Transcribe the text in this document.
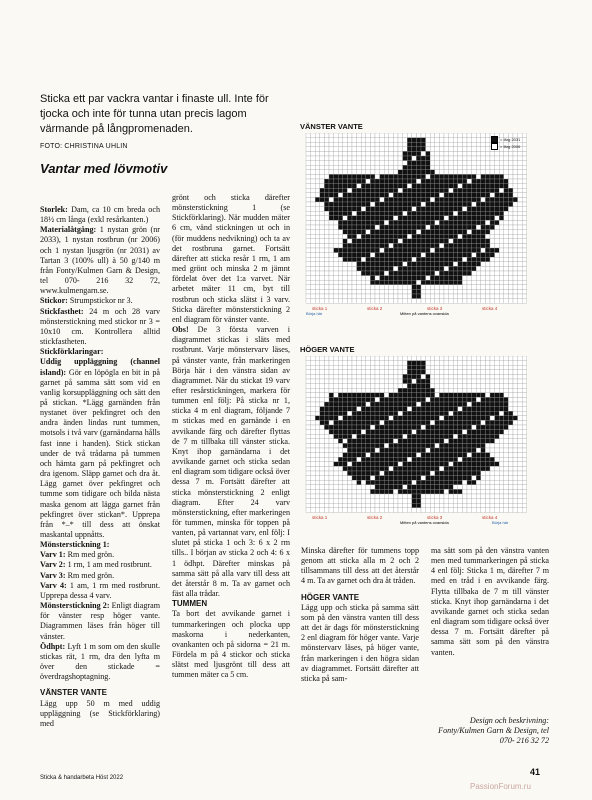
Sticka ett par vackra vantar i finaste ull. Inte för tjocka och inte för tunna utan precis lagom värmande på långpromenaden.
FOTO: CHRISTINA UHLIN
Vantar med lövmotiv

Storlek: Dam, ca 10 cm breda och 18½ cm långa (exkl resårkanten.)

Materialåtgång: 1 nystan grön (nr 2033), 1 nystan rostbrun (nr 2006) och 1 nystan ljusgrön (nr 2031) av Tartan 3 (100% ull) à 50 g/140 m från Fonty/Kulmen Garn & Design, tel 070- 216 32 72, www.kulmengarn.se.

Stickor: Strumpstickor nr 3.

Stickfasthet: 24 m och 28 varv mönsterstickning med stickor nr 3 = 10x10 cm. Kontrollera alltid stickfastheten.

Stickförklaringar:

Uddig uppläggning (channel island): Gör en löpögla en bit in på garnet på samma sätt som vid en vanlig korsuppläggning och sätt den på stickan. *Lägg garnänden från nystanet över pekfingret och den andra änden lindas runt tummen, motsols i två varv (garnändarna hålls fast inne i handen). Stick stickan under de två trådarna på tummen och hämta garn på pekfingret och dra igenom. Släpp garnet och dra åt. Lägg garnet över pekfingret och tumme som tidigare och bilda nästa maska genom att lägga garnet från pekfingret över stickan*. Upprepa från *–* till dess att önskat maskantal uppnåtts.

Mönsterstickning 1:

Varv 1: Rm med grön.

Varv 2: 1 rm, 1 am med rostbrunt.

Varv 3: Rm med grön.

Varv 4: 1 am, 1 rm med rostbrunt. Upprepa dessa 4 varv.

Mönsterstickning 2: Enligt diagram för vänster resp höger vante. Diagrammen läses från höger till vänster.

Ödhpt: Lyft 1 m som om den skulle stickas rät, 1 rm, dra den lyfta m över den stickade = överdragshoptagning.

VÄNSTER VANTE

Lägg upp 50 m med uddig uppläggning (se Stickförklaring) med

grönt och sticka därefter mönsterstickning 1 (se Stickförklaring). När mudden mäter 6 cm, vänd stickningen ut och in (för muddens nedvikning) och ta av det rostbruna garnet. Fortsätt därefter att sticka resår 1 rm, 1 am med grönt och minska 2 m jämnt fördelat över det 1:a varvet. När arbetet mäter 11 cm, byt till rostbrun och sticka slätst i 3 varv. Sticka därefter mönsterstickning 2 enl diagram för vänster vante.

Obs! De 3 första varven i diagrammet stickas i släts med rostbrunt. Varje mönstervarv läses, på vänster vante, från markeringen Börja här i den vänstra sidan av diagrammet. När du stickat 19 varv efter resårstickningen, markera för tummen enl följ: På sticka nr 1, sticka 4 m enl diagram, följande 7 m stickas med en garnände i en avvikande färg och därefter flyttas de 7 m tillbaka till vänster sticka. Knyt ihop garnändarna i det avvikande garnet och sticka sedan enl diagram som tidigare också över dessa 7 m. Fortsätt därefter att sticka mönsterstickning 2 enligt diagram. Efter 24 varv mönsterstickning, efter markeringen för tummen, minska för toppen på vanten, på vartannat varv, enl följ: I slutet på sticka 1 och 3: 6 x 2 rm tills.. I början av sticka 2 och 4: 6 x 1 ödhpt. Därefter minskas på samma sätt på alla varv till dess att det återstår 8 m. Ta av garnet och fäst alla trådar.

TUMMEN

Ta bort det avvikande garnet i tummarkeringen och plocka upp maskorna i nederkanten, ovankanten och på sidorna = 21 m. Fördela m på 4 stickor och sticka slätst med ljusgrönt till dess att tummen mäter ca 5 cm.

Minska därefter för tummens topp genom att sticka alla m 2 och 2 tillsammans till dess att det återstår 4 m. Ta av garnet och dra åt tråden.

HÖGER VANTE

Lägg upp och sticka på samma sätt som på den vänstra vanten till dess att det är dags för mönsterstickning 2 enl diagram för höger vante. Varje mönstervarv läses, på höger vante, från markeringen i den högra sidan av diagrammet. Fortsätt därefter att sticka på sam-

ma sätt som på den vänstra vanten men med tummarkeringen på sticka 4 enl följ: Sticka 1 m, därefter 7 m med en tråd i en avvikande färg. Flytta tillbaka de 7 m till vänster sticka. Knyt ihop garnändarna i det avvikande garnet och sticka sedan enl diagram som tidigare också över dessa 7 m. Fortsätt därefter på samma sätt som på den vänstra vanten.

Design och beskrivning: Fonty/Kulmen Garn & Design, tel 070- 216 32 72
VÄNSTER VANTE
sticka 1	sticka 2	sticka 3	sticka 4
Mitten på vantens ovansida
Börja här
= färg 2031
= färg 2006
HÖGER VANTE
sticka 1	sticka 2	sticka 3	sticka 4
Mitten på vantens ovansida	Börja här
Sticka & handarbeta Höst 2022
41
PassionForum.ru
